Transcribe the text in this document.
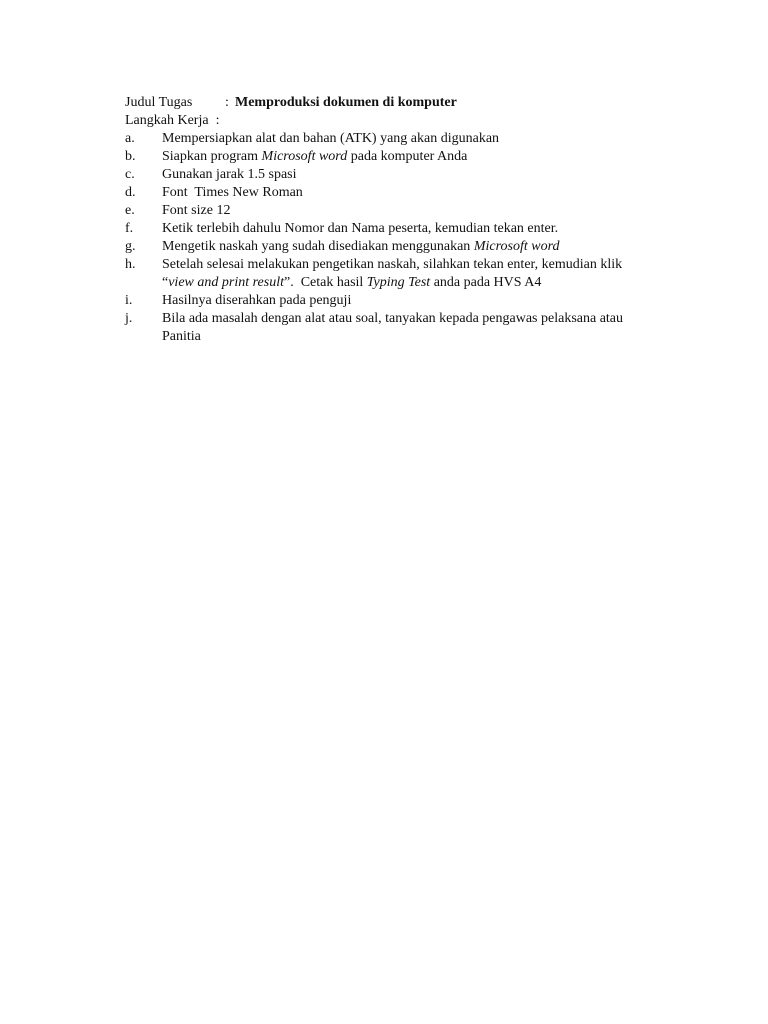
Judul Tugas : Memproduksi dokumen di komputer
Langkah Kerja :
a.	Mempersiapkan alat dan bahan (ATK) yang akan digunakan
b.	Siapkan program Microsoft word pada komputer Anda
c.	Gunakan jarak 1.5 spasi
d.	Font  Times New Roman
e.	Font size 12
f.	Ketik terlebih dahulu Nomor dan Nama peserta, kemudian tekan enter.
g.	Mengetik naskah yang sudah disediakan menggunakan Microsoft word
h.	Setelah selesai melakukan pengetikan naskah, silahkan tekan enter, kemudian klik
“view and print result”.  Cetak hasil Typing Test anda pada HVS A4
i.	Hasilnya diserahkan pada penguji
j.	Bila ada masalah dengan alat atau soal, tanyakan kepada pengawas pelaksana atau
Panitia
